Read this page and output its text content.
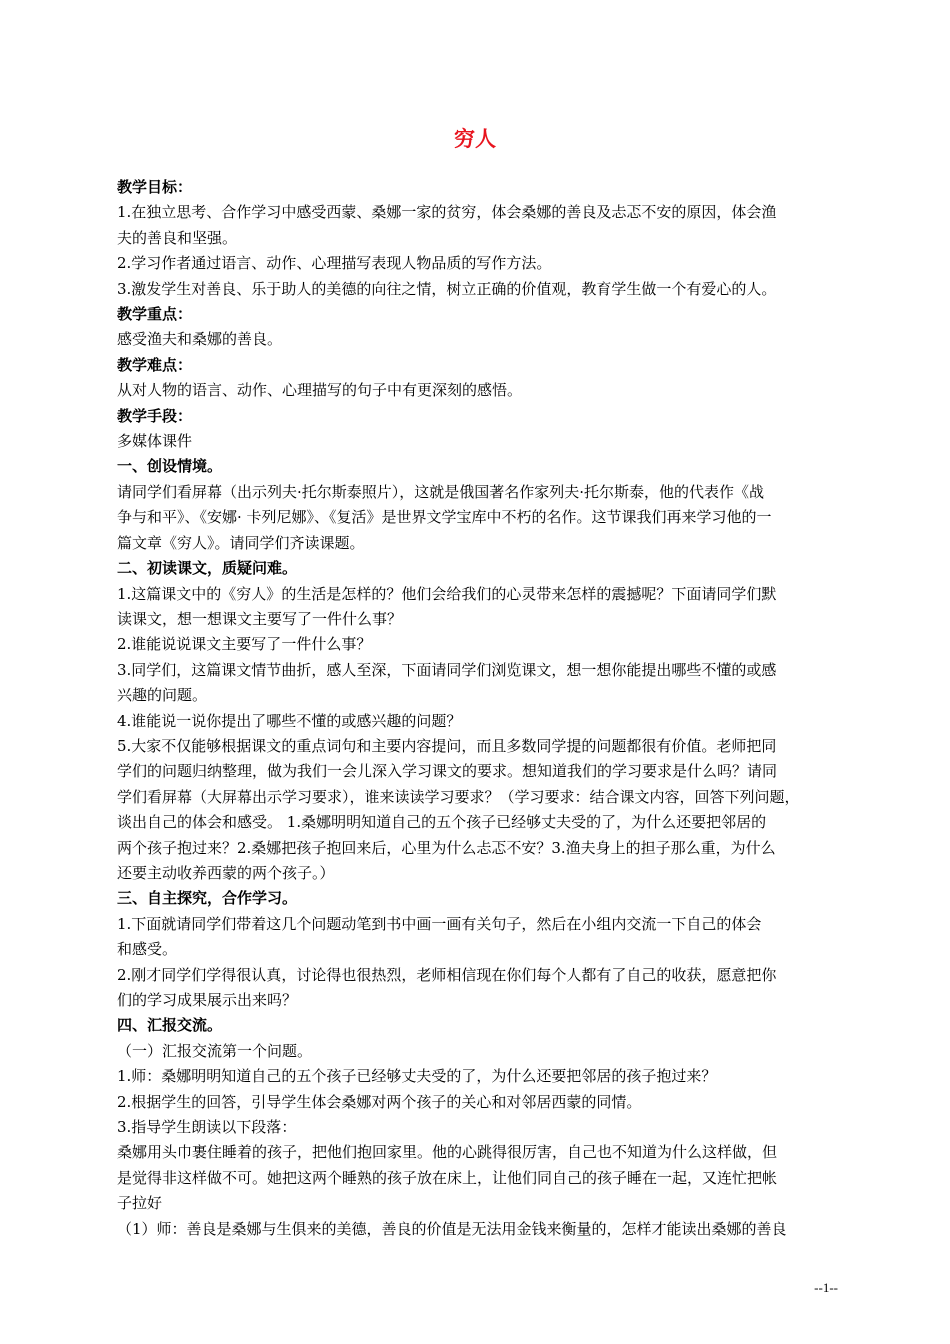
穷人
教学目标：
1.在独立思考、合作学习中感受西蒙、桑娜一家的贫穷，体会桑娜的善良及忐忑不安的原因，体会渔
夫的善良和坚强。
2.学习作者通过语言、动作、心理描写表现人物品质的写作方法。
3.激发学生对善良、乐于助人的美德的向往之情，树立正确的价值观，教育学生做一个有爱心的人。
教学重点：
感受渔夫和桑娜的善良。
教学难点：
从对人物的语言、动作、心理描写的句子中有更深刻的感悟。
教学手段：
多媒体课件
一、创设情境。
请同学们看屏幕（出示列夫·托尔斯泰照片），这就是俄国著名作家列夫·托尔斯泰，他的代表作《战
争与和平》、《安娜· 卡列尼娜》、《复活》是世界文学宝库中不朽的名作。这节课我们再来学习他的一
篇文章《穷人》。请同学们齐读课题。
二、初读课文，质疑问难。
1.这篇课文中的《穷人》的生活是怎样的？他们会给我们的心灵带来怎样的震撼呢？下面请同学们默
读课文，想一想课文主要写了一件什么事？
2.谁能说说课文主要写了一件什么事？
3.同学们，这篇课文情节曲折，感人至深，下面请同学们浏览课文，想一想你能提出哪些不懂的或感
兴趣的问题。
4.谁能说一说你提出了哪些不懂的或感兴趣的问题？
5.大家不仅能够根据课文的重点词句和主要内容提问，而且多数同学提的问题都很有价值。老师把同
学们的问题归纳整理，做为我们一会儿深入学习课文的要求。想知道我们的学习要求是什么吗？请同
学们看屏幕（大屏幕出示学习要求），谁来读读学习要求？（学习要求：结合课文内容，回答下列问题，
谈出自己的体会和感受。 1.桑娜明明知道自己的五个孩子已经够丈夫受的了，为什么还要把邻居的
两个孩子抱过来？2.桑娜把孩子抱回来后，心里为什么忐忑不安？3.渔夫身上的担子那么重，为什么
还要主动收养西蒙的两个孩子。）
三、自主探究，合作学习。
1.下面就请同学们带着这几个问题动笔到书中画一画有关句子，然后在小组内交流一下自己的体会
和感受。
2.刚才同学们学得很认真，讨论得也很热烈，老师相信现在你们每个人都有了自己的收获，愿意把你
们的学习成果展示出来吗？
四、汇报交流。
（一）汇报交流第一个问题。
1.师：桑娜明明知道自己的五个孩子已经够丈夫受的了，为什么还要把邻居的孩子抱过来？
2.根据学生的回答，引导学生体会桑娜对两个孩子的关心和对邻居西蒙的同情。
3.指导学生朗读以下段落：
桑娜用头巾裹住睡着的孩子，把他们抱回家里。他的心跳得很厉害，自己也不知道为什么这样做，但
是觉得非这样做不可。她把这两个睡熟的孩子放在床上，让他们同自己的孩子睡在一起，又连忙把帐
子拉好
（1）师：善良是桑娜与生俱来的美德，善良的价值是无法用金钱来衡量的，怎样才能读出桑娜的善良
--1--
